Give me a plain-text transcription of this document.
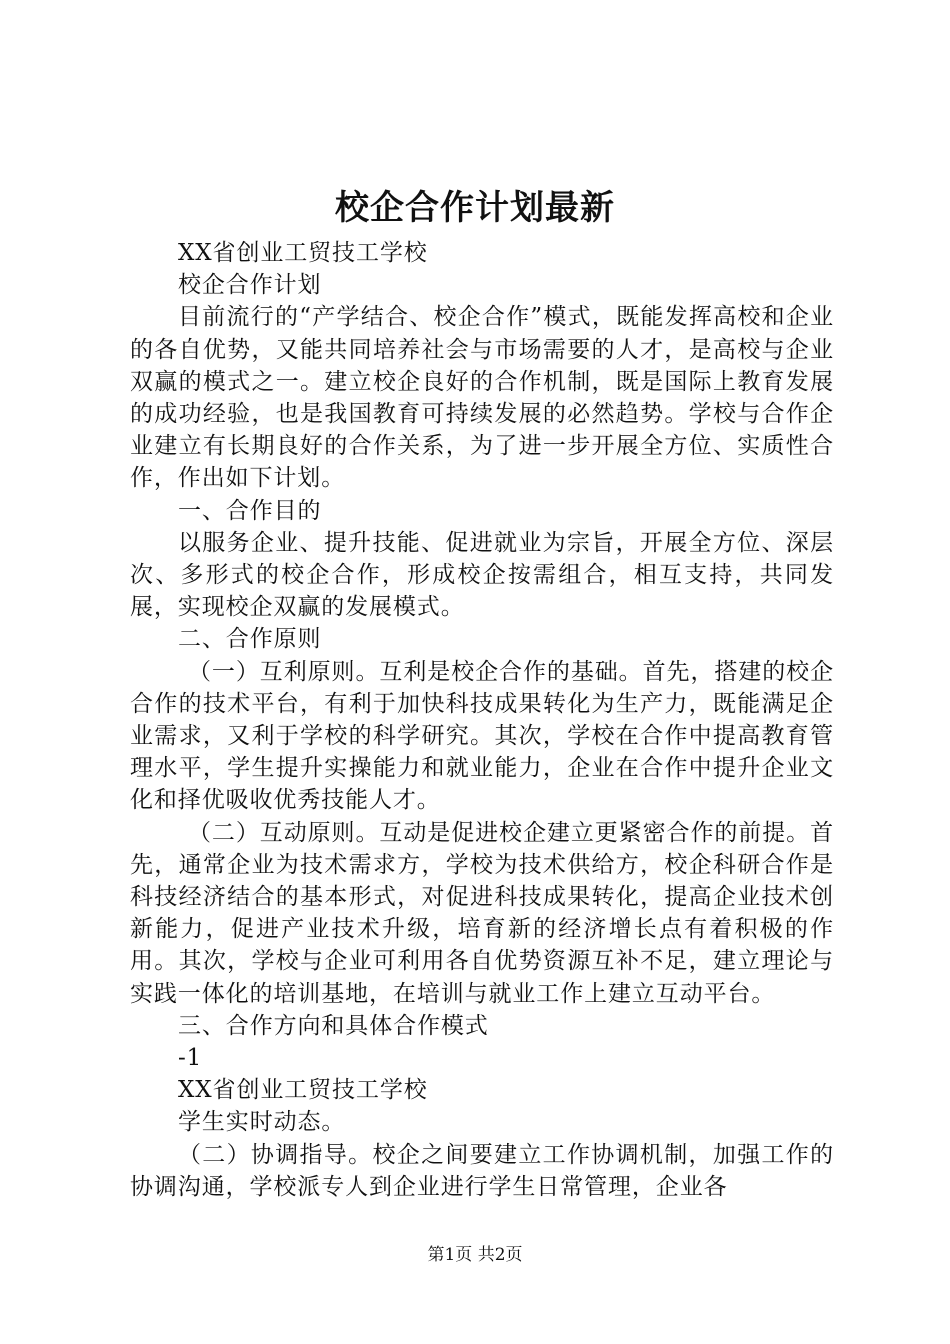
校企合作计划最新

XX省创业工贸技工学校

校企合作计划

目前流行的“产学结合、校企合作”模式，既能发挥高校和企业的各自优势，又能共同培养社会与市场需要的人才，是高校与企业双赢的模式之一。建立校企良好的合作机制，既是国际上教育发展的成功经验，也是我国教育可持续发展的必然趋势。学校与合作企业建立有长期良好的合作关系，为了进一步开展全方位、实质性合作，作出如下计划。

一、合作目的

以服务企业、提升技能、促进就业为宗旨，开展全方位、深层次、多形式的校企合作，形成校企按需组合，相互支持，共同发展，实现校企双赢的发展模式。

二、合作原则

（一）互利原则。互利是校企合作的基础。首先，搭建的校企合作的技术平台，有利于加快科技成果转化为生产力，既能满足企业需求，又利于学校的科学研究。其次，学校在合作中提高教育管理水平，学生提升实操能力和就业能力，企业在合作中提升企业文化和择优吸收优秀技能人才。

（二）互动原则。互动是促进校企建立更紧密合作的前提。首先，通常企业为技术需求方，学校为技术供给方，校企科研合作是科技经济结合的基本形式，对促进科技成果转化，提高企业技术创新能力，促进产业技术升级，培育新的经济增长点有着积极的作用。其次，学校与企业可利用各自优势资源互补不足，建立理论与实践一体化的培训基地，在培训与就业工作上建立互动平台。

三、合作方向和具体合作模式

-1

XX省创业工贸技工学校

学生实时动态。

（二）协调指导。校企之间要建立工作协调机制，加强工作的协调沟通，学校派专人到企业进行学生日常管理，企业各

第1页 共2页
